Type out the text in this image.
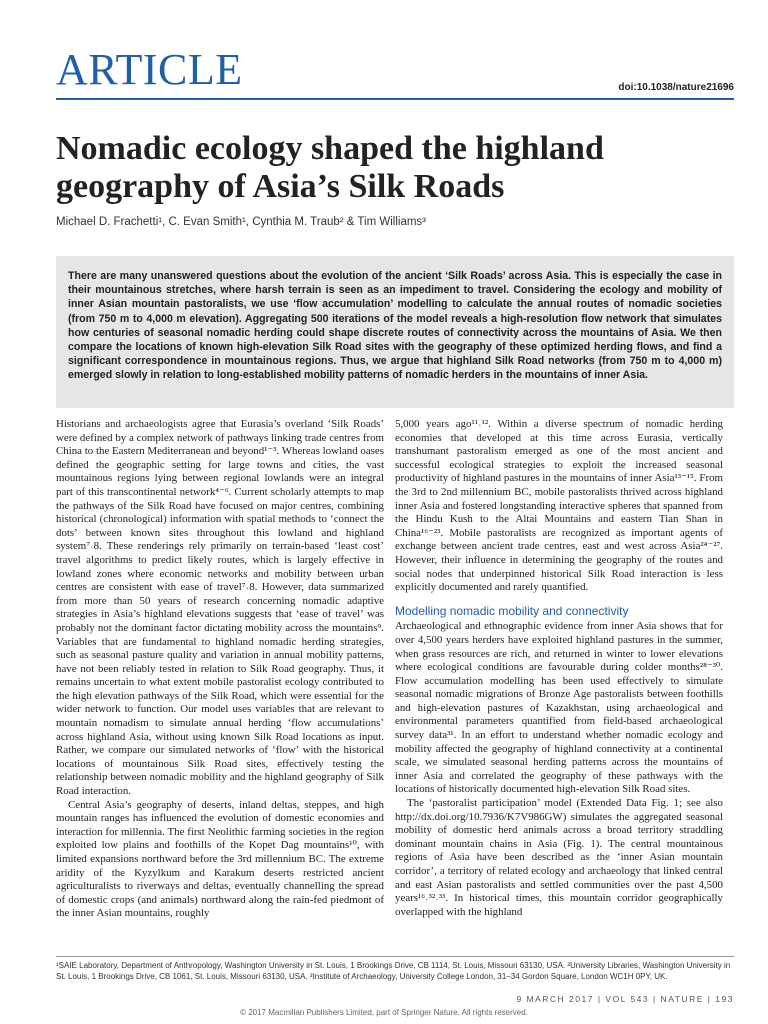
ARTICLE	doi:10.1038/nature21696
Nomadic ecology shaped the highland geography of Asia’s Silk Roads
Michael D. Frachetti¹, C. Evan Smith¹, Cynthia M. Traub² & Tim Williams³
There are many unanswered questions about the evolution of the ancient ‘Silk Roads’ across Asia. This is especially the case in their mountainous stretches, where harsh terrain is seen as an impediment to travel. Considering the ecology and mobility of inner Asian mountain pastoralists, we use ‘flow accumulation’ modelling to calculate the annual routes of nomadic societies (from 750 m to 4,000 m elevation). Aggregating 500 iterations of the model reveals a high-resolution flow network that simulates how centuries of seasonal nomadic herding could shape discrete routes of connectivity across the mountains of Asia. We then compare the locations of known high-elevation Silk Road sites with the geography of these optimized herding flows, and find a significant correspondence in mountainous regions. Thus, we argue that highland Silk Road networks (from 750 m to 4,000 m) emerged slowly in relation to long-established mobility patterns of nomadic herders in the mountains of inner Asia.

Historians and archaeologists agree that Eurasia’s overland ‘Silk Roads’ were defined by a complex network of pathways linking trade centres from China to the Eastern Mediterranean and beyond¹⁻³. Whereas lowland oases defined the geographic setting for large towns and cities, the vast mountainous regions lying between regional lowlands were an integral part of this transcontinental network⁴⁻⁶. Current scholarly attempts to map the pathways of the Silk Road have focused on major centres, combining historical (chronological) information with spatial methods to ‘connect the dots’ between known sites throughout this lowland and highland system⁷˒8. These renderings rely primarily on terrain-based ‘least cost’ travel algorithms to predict likely routes, which is largely effective in lowland zones where economic networks and mobility between urban centres are consistent with ease of travel⁷˒8. However, data summarized from more than 50 years of research concerning nomadic adaptive strategies in Asia’s highland elevations suggests that ‘ease of travel’ was probably not the dominant factor dictating mobility across the mountains⁹. Variables that are fundamental to highland nomadic herding strategies, such as seasonal pasture quality and variation in annual mobility patterns, have not been reliably tested in relation to Silk Road geography. Thus, it remains uncertain to what extent mobile pastoralist ecology contributed to the high elevation pathways of the Silk Road, which were essential for the wider network to function. Our model uses variables that are relevant to mountain nomadism to simulate annual herding ‘flow accumulations’ across highland Asia, without using known Silk Road locations as input. Rather, we compare our simulated networks of ‘flow’ with the historical locations of mountainous Silk Road sites, effectively testing the relationship between nomadic mobility and the highland geography of Silk Road interaction.

Central Asia’s geography of deserts, inland deltas, steppes, and high mountain ranges has influenced the evolution of domestic economies and interaction for millennia. The first Neolithic farming societies in the region exploited low plains and foothills of the Kopet Dag mountains¹⁰, with limited expansions northward before the 3rd millennium BC. The extreme aridity of the Kyzylkum and Karakum deserts restricted ancient agriculturalists to riverways and deltas, eventually channelling the spread of domestic crops (and animals) northward along the rain-fed piedmont of the inner Asian mountains, roughly

5,000 years ago¹¹˒¹². Within a diverse spectrum of nomadic herding economies that developed at this time across Eurasia, vertically transhumant pastoralism emerged as one of the most ancient and successful ecological strategies to exploit the increased seasonal productivity of highland pastures in the mountains of inner Asia¹³⁻¹⁵. From the 3rd to 2nd millennium BC, mobile pastoralists thrived across highland inner Asia and fostered longstanding interactive spheres that spanned from the Hindu Kush to the Altai Mountains and eastern Tian Shan in China¹⁶⁻²³. Mobile pastoralists are recognized as important agents of exchange between ancient trade centres, east and west across Asia²⁴⁻²⁷. However, their influence in determining the geography of the routes and social nodes that underpinned historical Silk Road interaction is less explicitly documented and rarely quantified.

Modelling nomadic mobility and connectivity

Archaeological and ethnographic evidence from inner Asia shows that for over 4,500 years herders have exploited highland pastures in the summer, when grass resources are rich, and returned in winter to lower elevations where ecological conditions are favourable during colder months²⁸⁻³⁰. Flow accumulation modelling has been used effectively to simulate seasonal nomadic migrations of Bronze Age pastoralists between foothills and high-elevation pastures of Kazakhstan, using archaeological and environmental parameters quantified from field-based archaeological survey data³¹. In an effort to understand whether nomadic ecology and mobility affected the geography of highland connectivity at a continental scale, we simulated seasonal herding patterns across the mountains of inner Asia and correlated the geography of these pathways with the locations of historically documented high-elevation Silk Road sites.

The ‘pastoralist participation’ model (Extended Data Fig. 1; see also http://dx.doi.org/10.7936/K7V986GW) simulates the aggregated seasonal mobility of domestic herd animals across a broad territory straddling dominant mountain chains in Asia (Fig. 1). The central mountainous regions of Asia have been described as the ‘inner Asian mountain corridor’, a territory of related ecology and archaeology that linked central and east Asian pastoralists and settled communities over the past 4,500 years¹⁶˒³²˒³³. In historical times, this mountain corridor geographically overlapped with the highland

¹SAIE Laboratory, Department of Anthropology, Washington University in St. Louis, 1 Brookings Drive, CB 1114, St. Louis, Missouri 63130, USA. ²University Libraries, Washington University in St. Louis, 1 Brookings Drive, CB 1061, St. Louis, Missouri 63130, USA. ³Institute of Archaeology, University College London, 31–34 Gordon Square, London WC1H 0PY, UK.
9 MARCH 2017 | VOL 543 | NATURE | 193
© 2017 Macmillan Publishers Limited, part of Springer Nature. All rights reserved.
